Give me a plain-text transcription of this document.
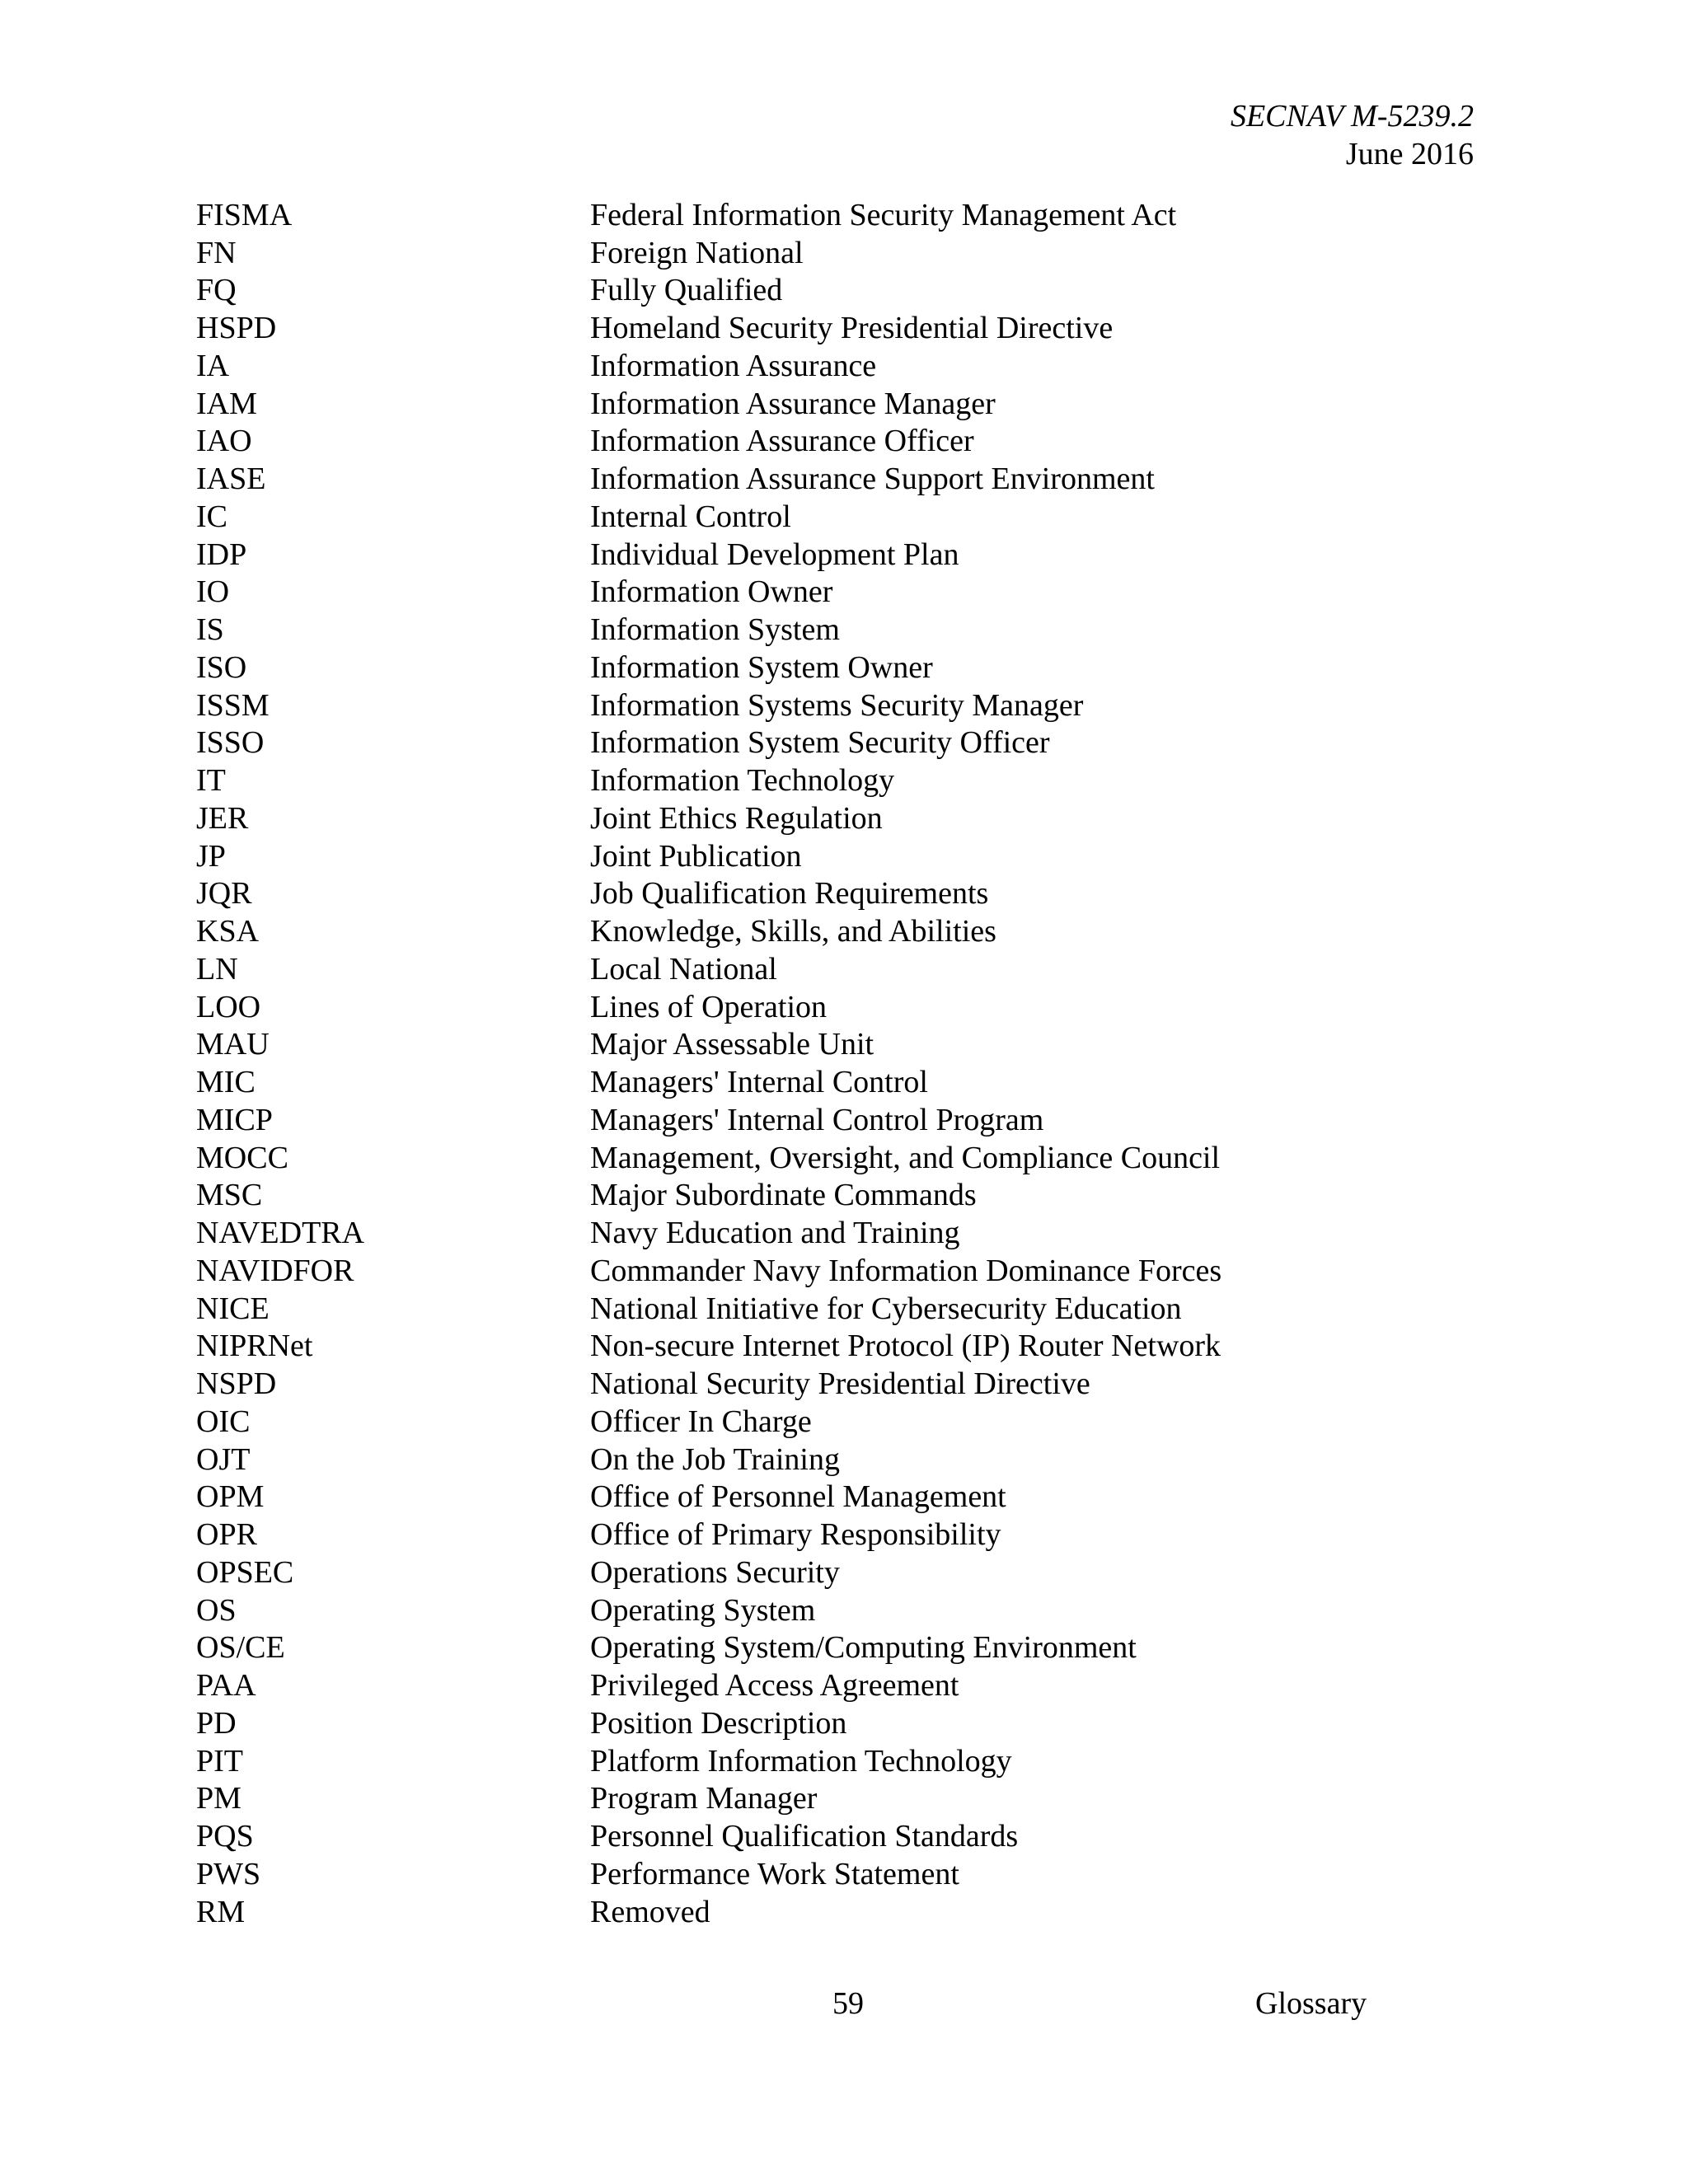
SECNAV M-5239.2
June 2016
FISMA	Federal Information Security Management Act
FN	Foreign National
FQ	Fully Qualified
HSPD	Homeland Security Presidential Directive
IA	Information Assurance
IAM	Information Assurance Manager
IAO	Information Assurance Officer
IASE	Information Assurance Support Environment
IC	Internal Control
IDP	Individual Development Plan
IO	Information Owner
IS	Information System
ISO	Information System Owner
ISSM	Information Systems Security Manager
ISSO	Information System Security Officer
IT	Information Technology
JER	Joint Ethics Regulation
JP	Joint Publication
JQR	Job Qualification Requirements
KSA	Knowledge, Skills, and Abilities
LN	Local National
LOO	Lines of Operation
MAU	Major Assessable Unit
MIC	Managers' Internal Control
MICP	Managers' Internal Control Program
MOCC	Management, Oversight, and Compliance Council
MSC	Major Subordinate Commands
NAVEDTRA	Navy Education and Training
NAVIDFOR	Commander Navy Information Dominance Forces
NICE	National Initiative for Cybersecurity Education
NIPRNet	Non-secure Internet Protocol (IP) Router Network
NSPD	National Security Presidential Directive
OIC	Officer In Charge
OJT	On the Job Training
OPM	Office of Personnel Management
OPR	Office of Primary Responsibility
OPSEC	Operations Security
OS	Operating System
OS/CE	Operating System/Computing Environment
PAA	Privileged Access Agreement
PD	Position Description
PIT	Platform Information Technology
PM	Program Manager
PQS	Personnel Qualification Standards
PWS	Performance Work Statement
RM	Removed
59	Glossary
